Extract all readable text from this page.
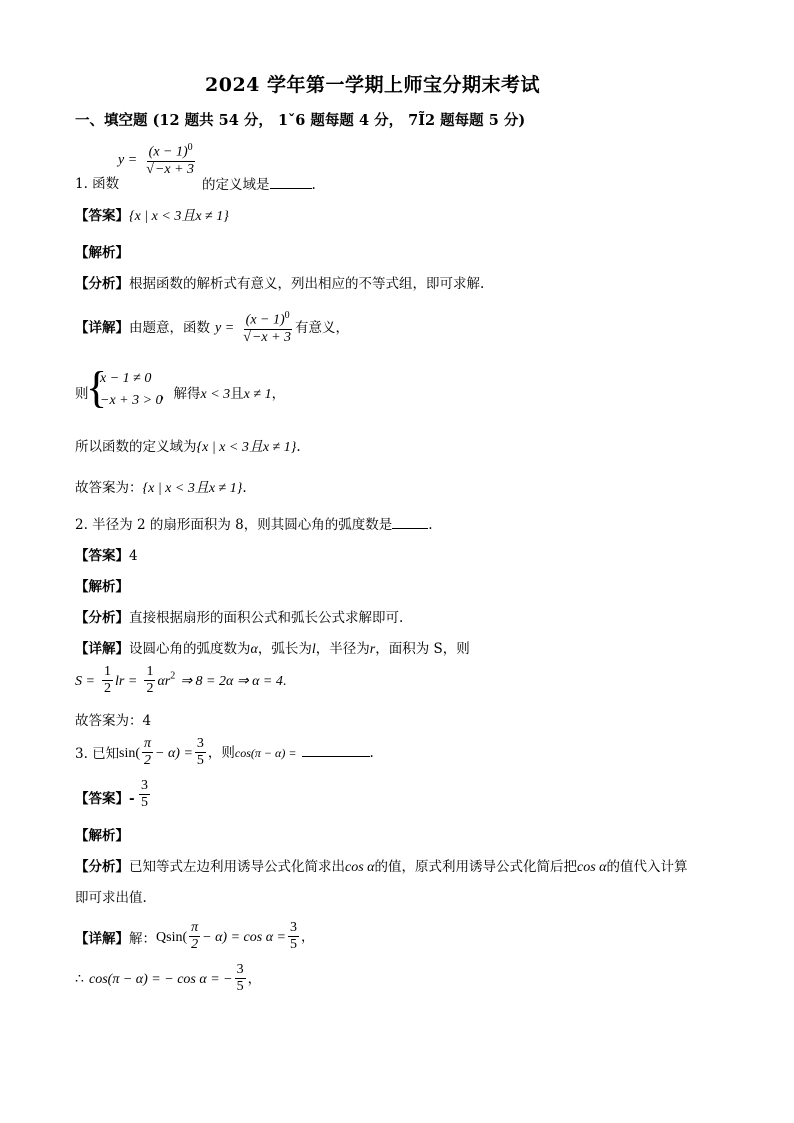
2024 学年第一学期上师宝分期末考试
一、填空题 (12 题共 54 分， 1ˇ6 题每题 4 分， 7Ĩ2 题每题 5 分)
$y = \frac{(x - 1)^0}{√-x + 3}$
1. 函数	的定义域是	.
【答案】{x | x < 3且x ≠ 1}
【解析】
【分析】根据函数的解析式有意义，列出相应的不等式组，即可求解.
【详解】由题意，函数 $y = \frac{(x - 1)^0}{√-x + 3}$ 有意义，
则
{
x − 1 ≠ 0
−x + 3 > 0
，解得x < 3且x ≠ 1，
所以函数的定义域为{x | x < 3且x ≠ 1}.
故答案为：{x | x < 3且x ≠ 1}.
2. 半径为 2 的扇形面积为 8，则其圆心角的弧度数是	.
【答案】4
【解析】
【分析】直接根据扇形的面积公式和弧长公式求解即可.
【详解】设圆心角的弧度数为α，弧长为l，半径为r，面积为 S，则
$S = \frac{1}{2}$ lr = $\frac{1}{2} \alpha r^2$ ⇒ 8 = 2α ⇒ α = 4.
故答案为：4
3. 已知 $\sin( \frac{\pi}{2} - \alpha) = \frac{3}{5}$ ，则cos(π − α) =	.
【答案】- $\frac{3}{5}$
【解析】
【分析】已知等式左边利用诱导公式化简求出cos α的值，原式利用诱导公式化简后把cos α的值代入计算
即可求出值.
【详解】解： $Qsin( \frac{\pi}{2} - \alpha) = \cos \alpha = \frac{3}{5}$ ，
∴ cos(π − α) = − cos α = − $\frac{3}{5}$ ，
